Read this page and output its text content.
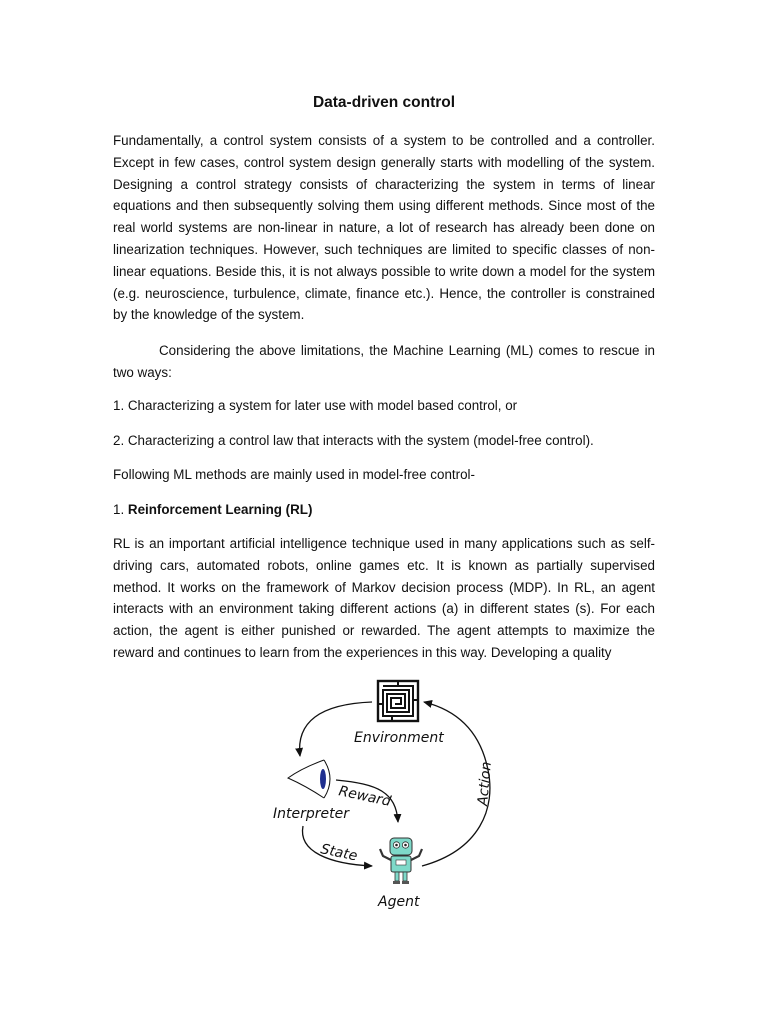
Data-driven control

Fundamentally, a control system consists of a system to be controlled and a controller. Except in few cases, control system design generally starts with modelling of the system. Designing a control strategy consists of characterizing the system in terms of linear equations and then subsequently solving them using different methods. Since most of the real world systems are non-linear in nature, a lot of research has already been done on linearization techniques. However, such techniques are limited to specific classes of non-linear equations. Beside this, it is not always possible to write down a model for the system (e.g. neuroscience, turbulence, climate, finance etc.). Hence, the controller is constrained by the knowledge of the system.

Considering the above limitations, the Machine Learning (ML) comes to rescue in two ways:

1. Characterizing a system for later use with model based control, or
2. Characterizing a control law that interacts with the system (model-free control).
Following ML methods are mainly used in model-free control-
1. Reinforcement Learning (RL)

RL is an important artificial intelligence technique used in many applications such as self-driving cars, automated robots, online games etc. It is known as partially supervised method. It works on the framework of Markov decision process (MDP). In RL, an agent interacts with an environment taking different actions (a) in different states (s). For each action, the agent is either punished or rewarded. The agent attempts to maximize the reward and continues to learn from the experiences in this way. Developing a quality

Environment
Interpreter
Reward
State
Action
Agent
